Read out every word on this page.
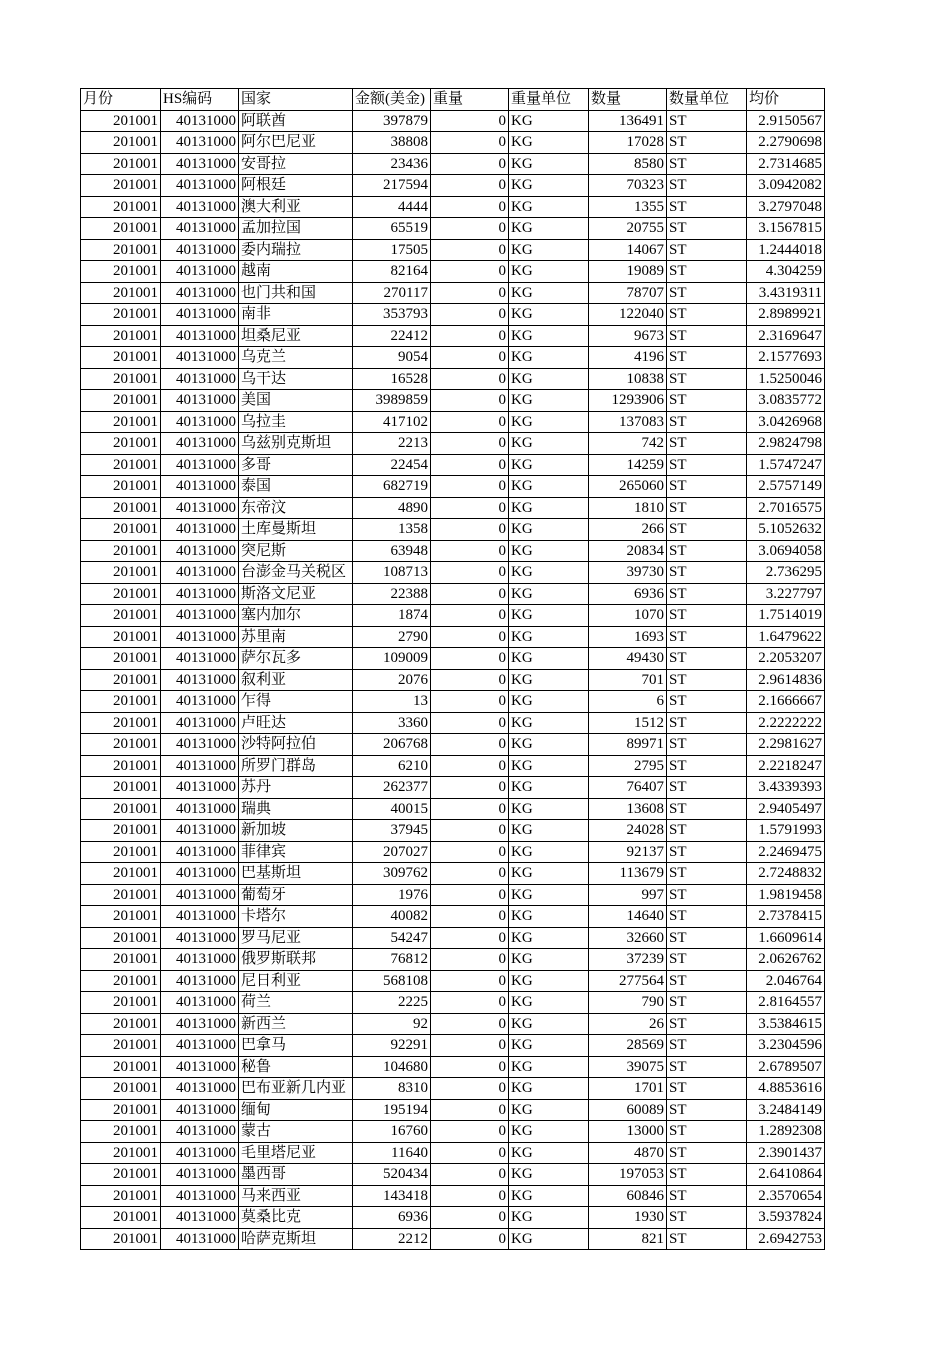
月份	HS编码	国家	金额(美金)	重量	重量单位	数量	数量单位	均价
201001	40131000	阿联酋	397879	0	KG	136491	ST	2.9150567
201001	40131000	阿尔巴尼亚	38808	0	KG	17028	ST	2.2790698
201001	40131000	安哥拉	23436	0	KG	8580	ST	2.7314685
201001	40131000	阿根廷	217594	0	KG	70323	ST	3.0942082
201001	40131000	澳大利亚	4444	0	KG	1355	ST	3.2797048
201001	40131000	孟加拉国	65519	0	KG	20755	ST	3.1567815
201001	40131000	委内瑞拉	17505	0	KG	14067	ST	1.2444018
201001	40131000	越南	82164	0	KG	19089	ST	4.304259
201001	40131000	也门共和国	270117	0	KG	78707	ST	3.4319311
201001	40131000	南非	353793	0	KG	122040	ST	2.8989921
201001	40131000	坦桑尼亚	22412	0	KG	9673	ST	2.3169647
201001	40131000	乌克兰	9054	0	KG	4196	ST	2.1577693
201001	40131000	乌干达	16528	0	KG	10838	ST	1.5250046
201001	40131000	美国	3989859	0	KG	1293906	ST	3.0835772
201001	40131000	乌拉圭	417102	0	KG	137083	ST	3.0426968
201001	40131000	乌兹别克斯坦	2213	0	KG	742	ST	2.9824798
201001	40131000	多哥	22454	0	KG	14259	ST	1.5747247
201001	40131000	泰国	682719	0	KG	265060	ST	2.5757149
201001	40131000	东帝汶	4890	0	KG	1810	ST	2.7016575
201001	40131000	土库曼斯坦	1358	0	KG	266	ST	5.1052632
201001	40131000	突尼斯	63948	0	KG	20834	ST	3.0694058
201001	40131000	台澎金马关税区	108713	0	KG	39730	ST	2.736295
201001	40131000	斯洛文尼亚	22388	0	KG	6936	ST	3.227797
201001	40131000	塞内加尔	1874	0	KG	1070	ST	1.7514019
201001	40131000	苏里南	2790	0	KG	1693	ST	1.6479622
201001	40131000	萨尔瓦多	109009	0	KG	49430	ST	2.2053207
201001	40131000	叙利亚	2076	0	KG	701	ST	2.9614836
201001	40131000	乍得	13	0	KG	6	ST	2.1666667
201001	40131000	卢旺达	3360	0	KG	1512	ST	2.2222222
201001	40131000	沙特阿拉伯	206768	0	KG	89971	ST	2.2981627
201001	40131000	所罗门群岛	6210	0	KG	2795	ST	2.2218247
201001	40131000	苏丹	262377	0	KG	76407	ST	3.4339393
201001	40131000	瑞典	40015	0	KG	13608	ST	2.9405497
201001	40131000	新加坡	37945	0	KG	24028	ST	1.5791993
201001	40131000	菲律宾	207027	0	KG	92137	ST	2.2469475
201001	40131000	巴基斯坦	309762	0	KG	113679	ST	2.7248832
201001	40131000	葡萄牙	1976	0	KG	997	ST	1.9819458
201001	40131000	卡塔尔	40082	0	KG	14640	ST	2.7378415
201001	40131000	罗马尼亚	54247	0	KG	32660	ST	1.6609614
201001	40131000	俄罗斯联邦	76812	0	KG	37239	ST	2.0626762
201001	40131000	尼日利亚	568108	0	KG	277564	ST	2.046764
201001	40131000	荷兰	2225	0	KG	790	ST	2.8164557
201001	40131000	新西兰	92	0	KG	26	ST	3.5384615
201001	40131000	巴拿马	92291	0	KG	28569	ST	3.2304596
201001	40131000	秘鲁	104680	0	KG	39075	ST	2.6789507
201001	40131000	巴布亚新几内亚	8310	0	KG	1701	ST	4.8853616
201001	40131000	缅甸	195194	0	KG	60089	ST	3.2484149
201001	40131000	蒙古	16760	0	KG	13000	ST	1.2892308
201001	40131000	毛里塔尼亚	11640	0	KG	4870	ST	2.3901437
201001	40131000	墨西哥	520434	0	KG	197053	ST	2.6410864
201001	40131000	马来西亚	143418	0	KG	60846	ST	2.3570654
201001	40131000	莫桑比克	6936	0	KG	1930	ST	3.5937824
201001	40131000	哈萨克斯坦	2212	0	KG	821	ST	2.6942753
